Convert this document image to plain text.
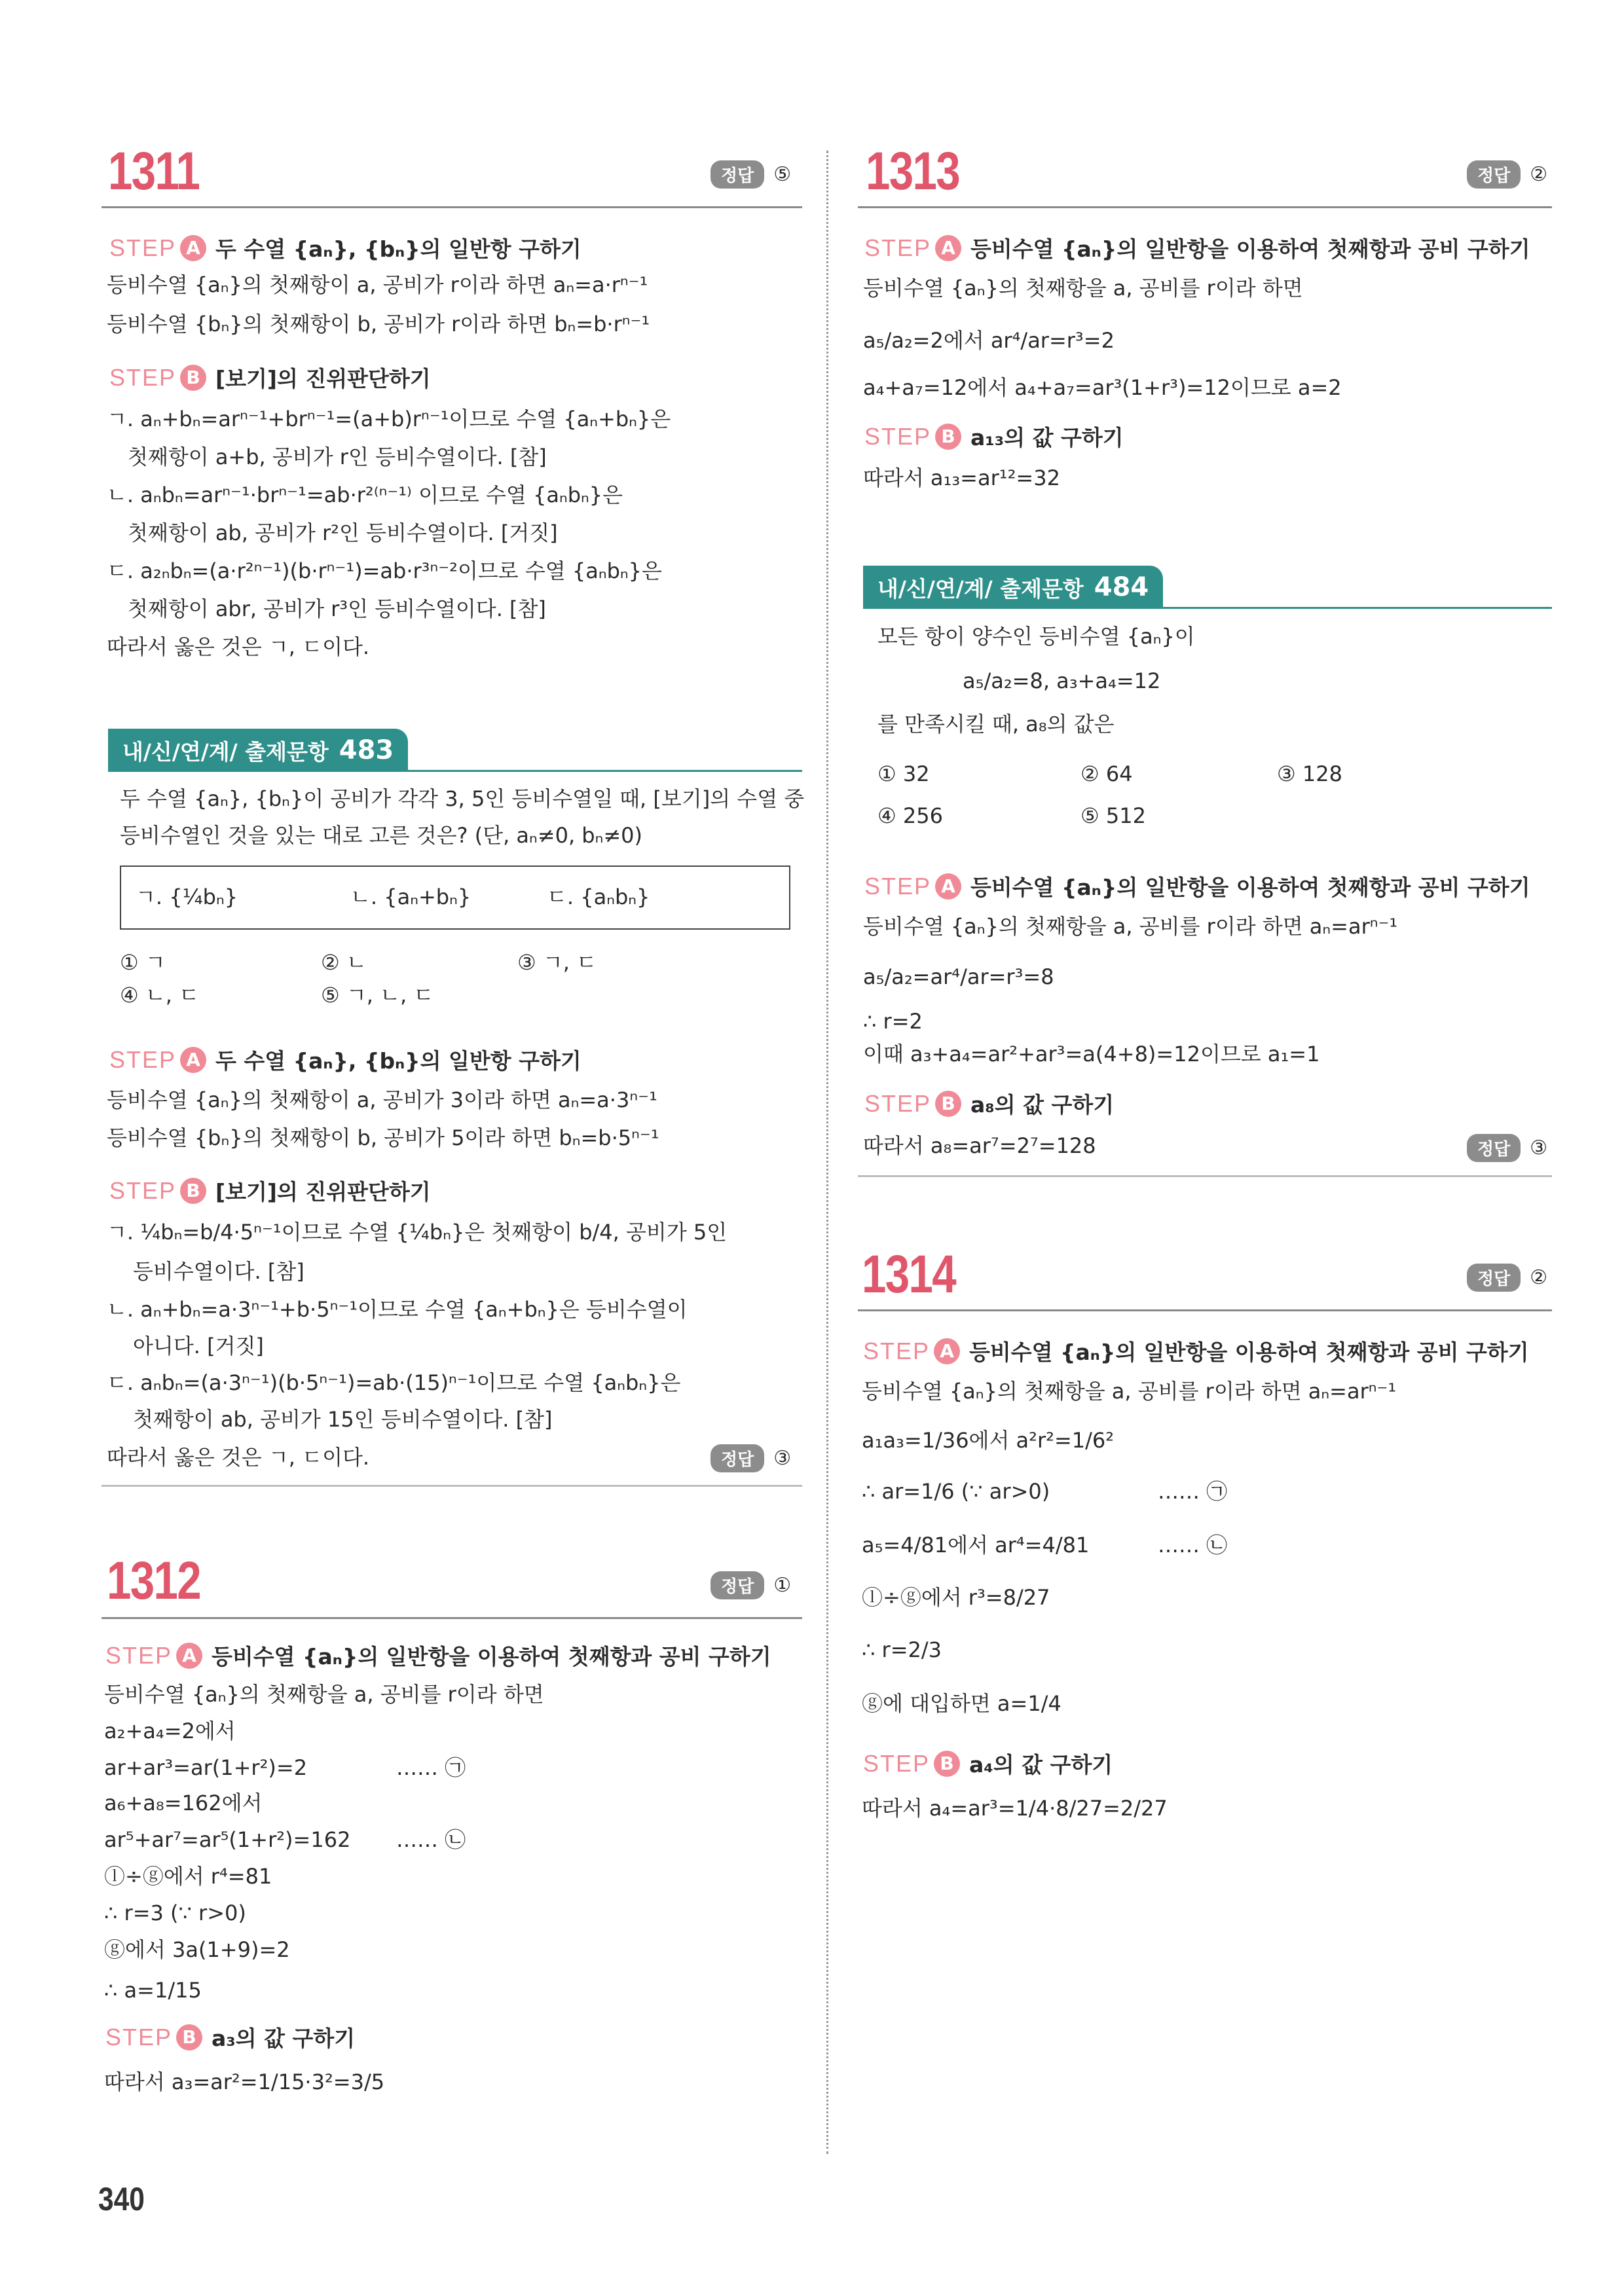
1311	정답	⑤
STEP A 두 수열 {aₙ}, {bₙ}의 일반항 구하기
등비수열 {aₙ}의 첫째항이 a, 공비가 r이라 하면 aₙ=a·rⁿ⁻¹
등비수열 {bₙ}의 첫째항이 b, 공비가 r이라 하면 bₙ=b·rⁿ⁻¹
STEP B [보기]의 진위판단하기
ㄱ. aₙ+bₙ=arⁿ⁻¹+brⁿ⁻¹=(a+b)rⁿ⁻¹이므로 수열 {aₙ+bₙ}은
첫째항이 a+b, 공비가 r인 등비수열이다. [참]
ㄴ. aₙbₙ=arⁿ⁻¹·brⁿ⁻¹=ab·r²⁽ⁿ⁻¹⁾ 이므로 수열 {aₙbₙ}은
첫째항이 ab, 공비가 r²인 등비수열이다. [거짓]
ㄷ. a₂ₙbₙ=(a·r²ⁿ⁻¹)(b·rⁿ⁻¹)=ab·r³ⁿ⁻²이므로 수열 {aₙbₙ}은
첫째항이 abr, 공비가 r³인 등비수열이다. [참]
따라서 옳은 것은 ㄱ, ㄷ이다.
내/신/연/계/ 출제문항 483
두 수열 {aₙ}, {bₙ}이 공비가 각각 3, 5인 등비수열일 때, [보기]의 수열 중
등비수열인 것을 있는 대로 고른 것은? (단, aₙ≠0, bₙ≠0)
ㄱ. {¼bₙ}	ㄴ. {aₙ+bₙ}	ㄷ. {aₙbₙ}
① ㄱ	② ㄴ	③ ㄱ, ㄷ
④ ㄴ, ㄷ	⑤ ㄱ, ㄴ, ㄷ
STEP A 두 수열 {aₙ}, {bₙ}의 일반항 구하기
등비수열 {aₙ}의 첫째항이 a, 공비가 3이라 하면 aₙ=a·3ⁿ⁻¹
등비수열 {bₙ}의 첫째항이 b, 공비가 5이라 하면 bₙ=b·5ⁿ⁻¹
STEP B [보기]의 진위판단하기
ㄱ. ¼bₙ=b/4·5ⁿ⁻¹이므로 수열 {¼bₙ}은 첫째항이 b/4, 공비가 5인
등비수열이다. [참]
ㄴ. aₙ+bₙ=a·3ⁿ⁻¹+b·5ⁿ⁻¹이므로 수열 {aₙ+bₙ}은 등비수열이
아니다. [거짓]
ㄷ. aₙbₙ=(a·3ⁿ⁻¹)(b·5ⁿ⁻¹)=ab·(15)ⁿ⁻¹이므로 수열 {aₙbₙ}은
첫째항이 ab, 공비가 15인 등비수열이다. [참]
따라서 옳은 것은 ㄱ, ㄷ이다.	정답	③
1312	정답	①
STEP A 등비수열 {aₙ}의 일반항을 이용하여 첫째항과 공비 구하기
등비수열 {aₙ}의 첫째항을 a, 공비를 r이라 하면
a₂+a₄=2에서
ar+ar³=ar(1+r²)=2	…… ㉠
a₆+a₈=162에서
ar⁵+ar⁷=ar⁵(1+r²)=162 …… ㉡
ⓛ÷ⓖ에서 r⁴=81
∴ r=3 (∵ r>0)
ⓖ에서 3a(1+9)=2
∴ a=1/15
STEP B a₃의 값 구하기
따라서 a₃=ar²=1/15·3²=3/5
1313	정답	②
STEP A 등비수열 {aₙ}의 일반항을 이용하여 첫째항과 공비 구하기
등비수열 {aₙ}의 첫째항을 a, 공비를 r이라 하면
a₅/a₂=2에서 ar⁴/ar=r³=2
a₄+a₇=12에서 a₄+a₇=ar³(1+r³)=12이므로 a=2
STEP B a₁₃의 값 구하기
따라서 a₁₃=ar¹²=32
내/신/연/계/ 출제문항 484
모든 항이 양수인 등비수열 {aₙ}이
a₅/a₂=8, a₃+a₄=12
를 만족시킬 때, a₈의 값은
① 32	② 64	③ 128
④ 256	⑤ 512
STEP A 등비수열 {aₙ}의 일반항을 이용하여 첫째항과 공비 구하기
등비수열 {aₙ}의 첫째항을 a, 공비를 r이라 하면 aₙ=arⁿ⁻¹
a₅/a₂=ar⁴/ar=r³=8
∴ r=2
이때 a₃+a₄=ar²+ar³=a(4+8)=12이므로 a₁=1
STEP B a₈의 값 구하기
따라서 a₈=ar⁷=2⁷=128	정답	③
1314	정답	②
STEP A 등비수열 {aₙ}의 일반항을 이용하여 첫째항과 공비 구하기
등비수열 {aₙ}의 첫째항을 a, 공비를 r이라 하면 aₙ=arⁿ⁻¹
a₁a₃=1/36에서 a²r²=1/6²
∴ ar=1/6 (∵ ar>0)	…… ㉠
a₅=4/81에서 ar⁴=4/81	…… ㉡
ⓛ÷ⓖ에서 r³=8/27
∴ r=2/3
ⓖ에 대입하면 a=1/4
STEP B a₄의 값 구하기
따라서 a₄=ar³=1/4·8/27=2/27
340
